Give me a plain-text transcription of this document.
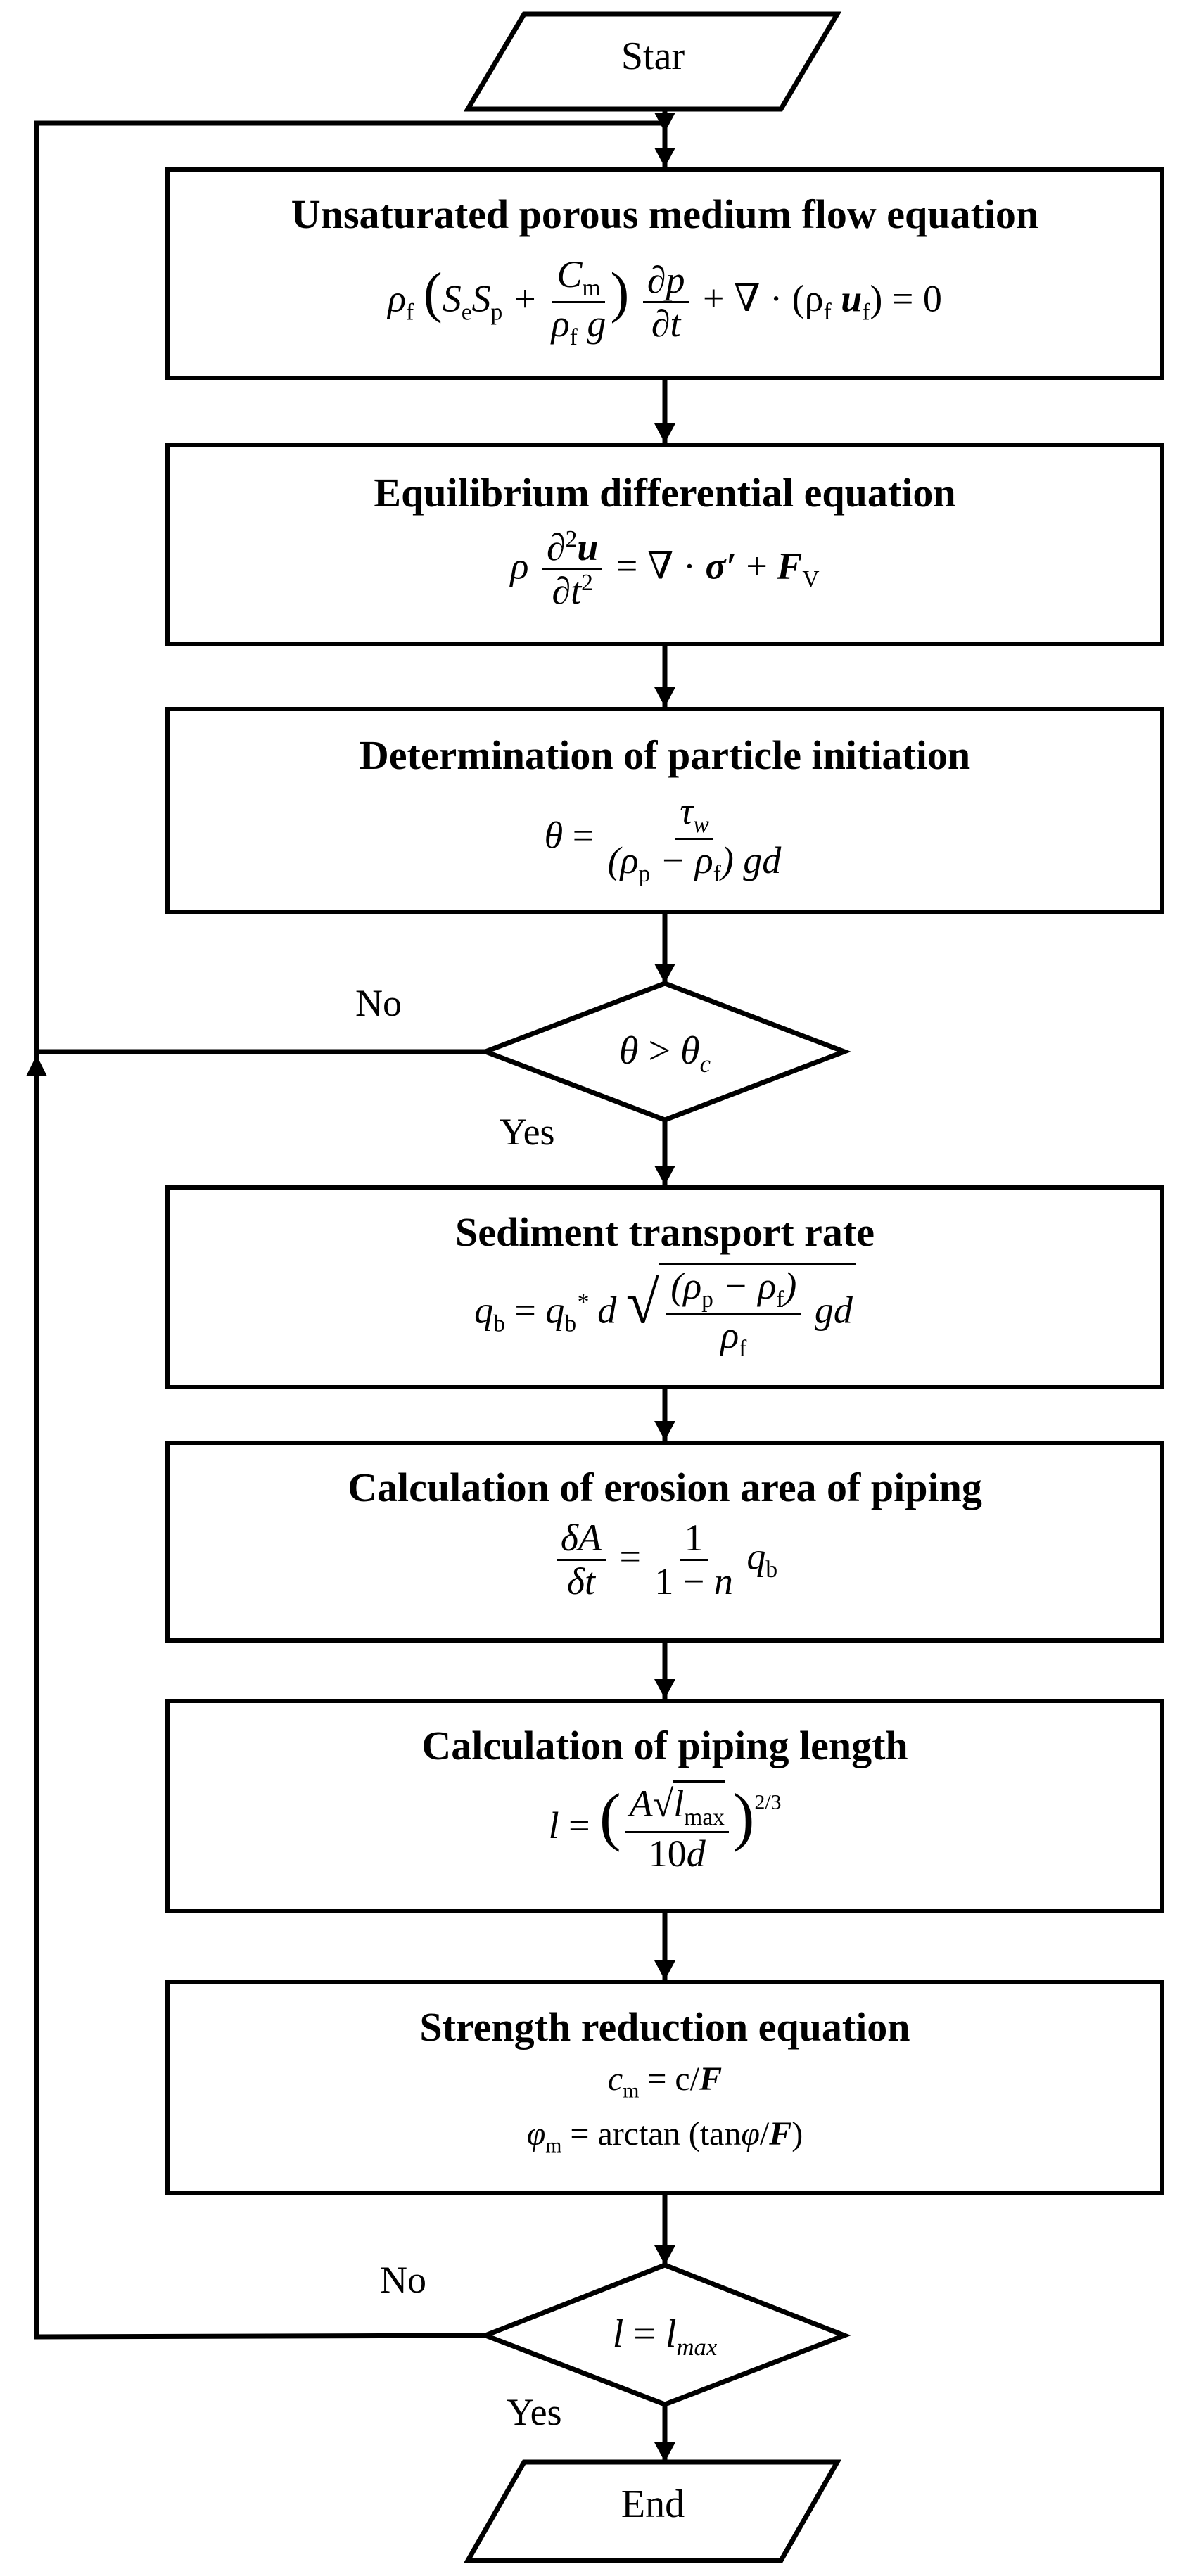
Star
End
Unsaturated porous medium flow equation
$\rho_f$ ($S_eS_p + \frac{C_m}{\rho_f g}$ ) $\frac{\partial p}{\partial t}$ + ∇ · ($\rho_f$ $u_f) = 0$
Equilibrium differential equation
ρ $\frac{\partial^2u}{\partial t^2}$ = ∇ · $\sigma' + F_V$
Determination of particle initiation
$\theta = \frac{\tau_w}{(\rho_p - \rho_f) gd}$
$\theta > \theta_c$
No
Yes
Sediment transport rate
$q_b = q_b^*$ d √ $\frac{(\rho_p - \rho_f)}{\rho_f}$ gd
Calculation of erosion area of piping
$\frac{\delta A}{\delta t} = \frac{1}{1 - n} q_b$
Calculation of piping length
l = ( $\frac{A√l_{max}}{10d} )^{2/3}$
Strength reduction equation
$c_m = c/F$
$\varphi_m = \arctan (\tan\varphi/F)$
$l = l_{max}$
No
Yes
